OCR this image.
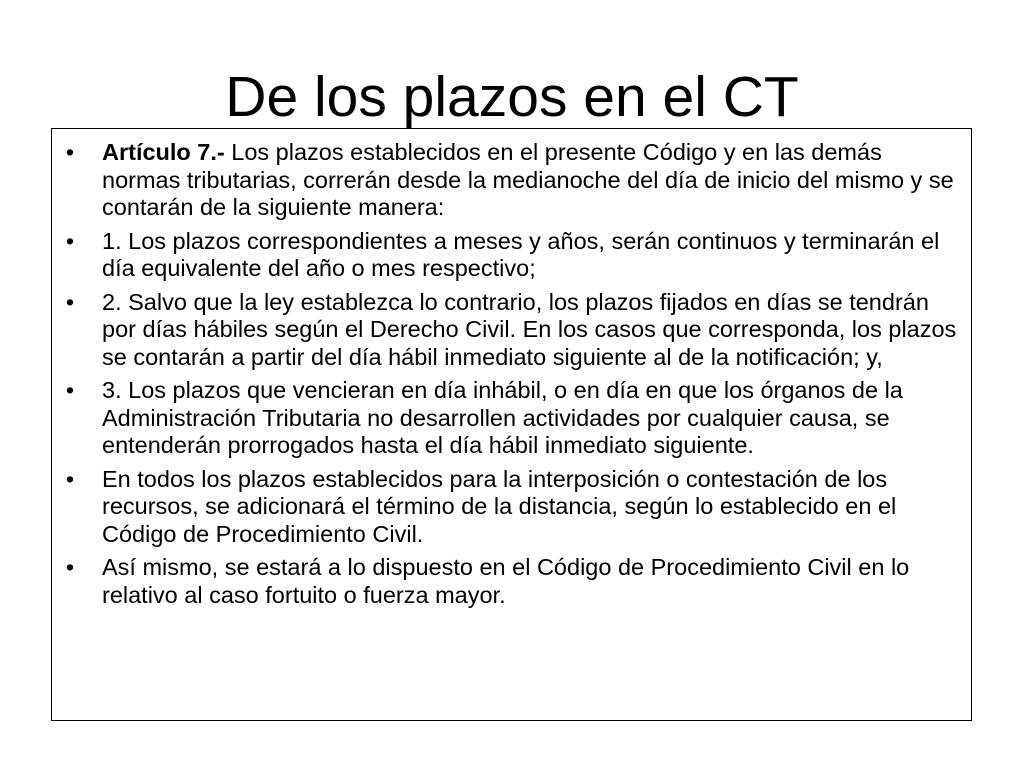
De los plazos en el CT
• Artículo 7.- Los plazos establecidos en el presente Código y en las demás normas tributarias, correrán desde la medianoche del día de inicio del mismo y se contarán de la siguiente manera:
• 1. Los plazos correspondientes a meses y años, serán continuos y terminarán el día equivalente del año o mes respectivo;
• 2. Salvo que la ley establezca lo contrario, los plazos fijados en días se tendrán por días hábiles según el Derecho Civil. En los casos que corresponda, los plazos se contarán a partir del día hábil inmediato siguiente al de la notificación; y,
• 3. Los plazos que vencieran en día inhábil, o en día en que los órganos de la Administración Tributaria no desarrollen actividades por cualquier causa, se entenderán prorrogados hasta el día hábil inmediato siguiente.
• En todos los plazos establecidos para la interposición o contestación de los recursos, se adicionará el término de la distancia, según lo establecido en el Código de Procedimiento Civil.
• Así mismo, se estará a lo dispuesto en el Código de Procedimiento Civil en lo relativo al caso fortuito o fuerza mayor.
